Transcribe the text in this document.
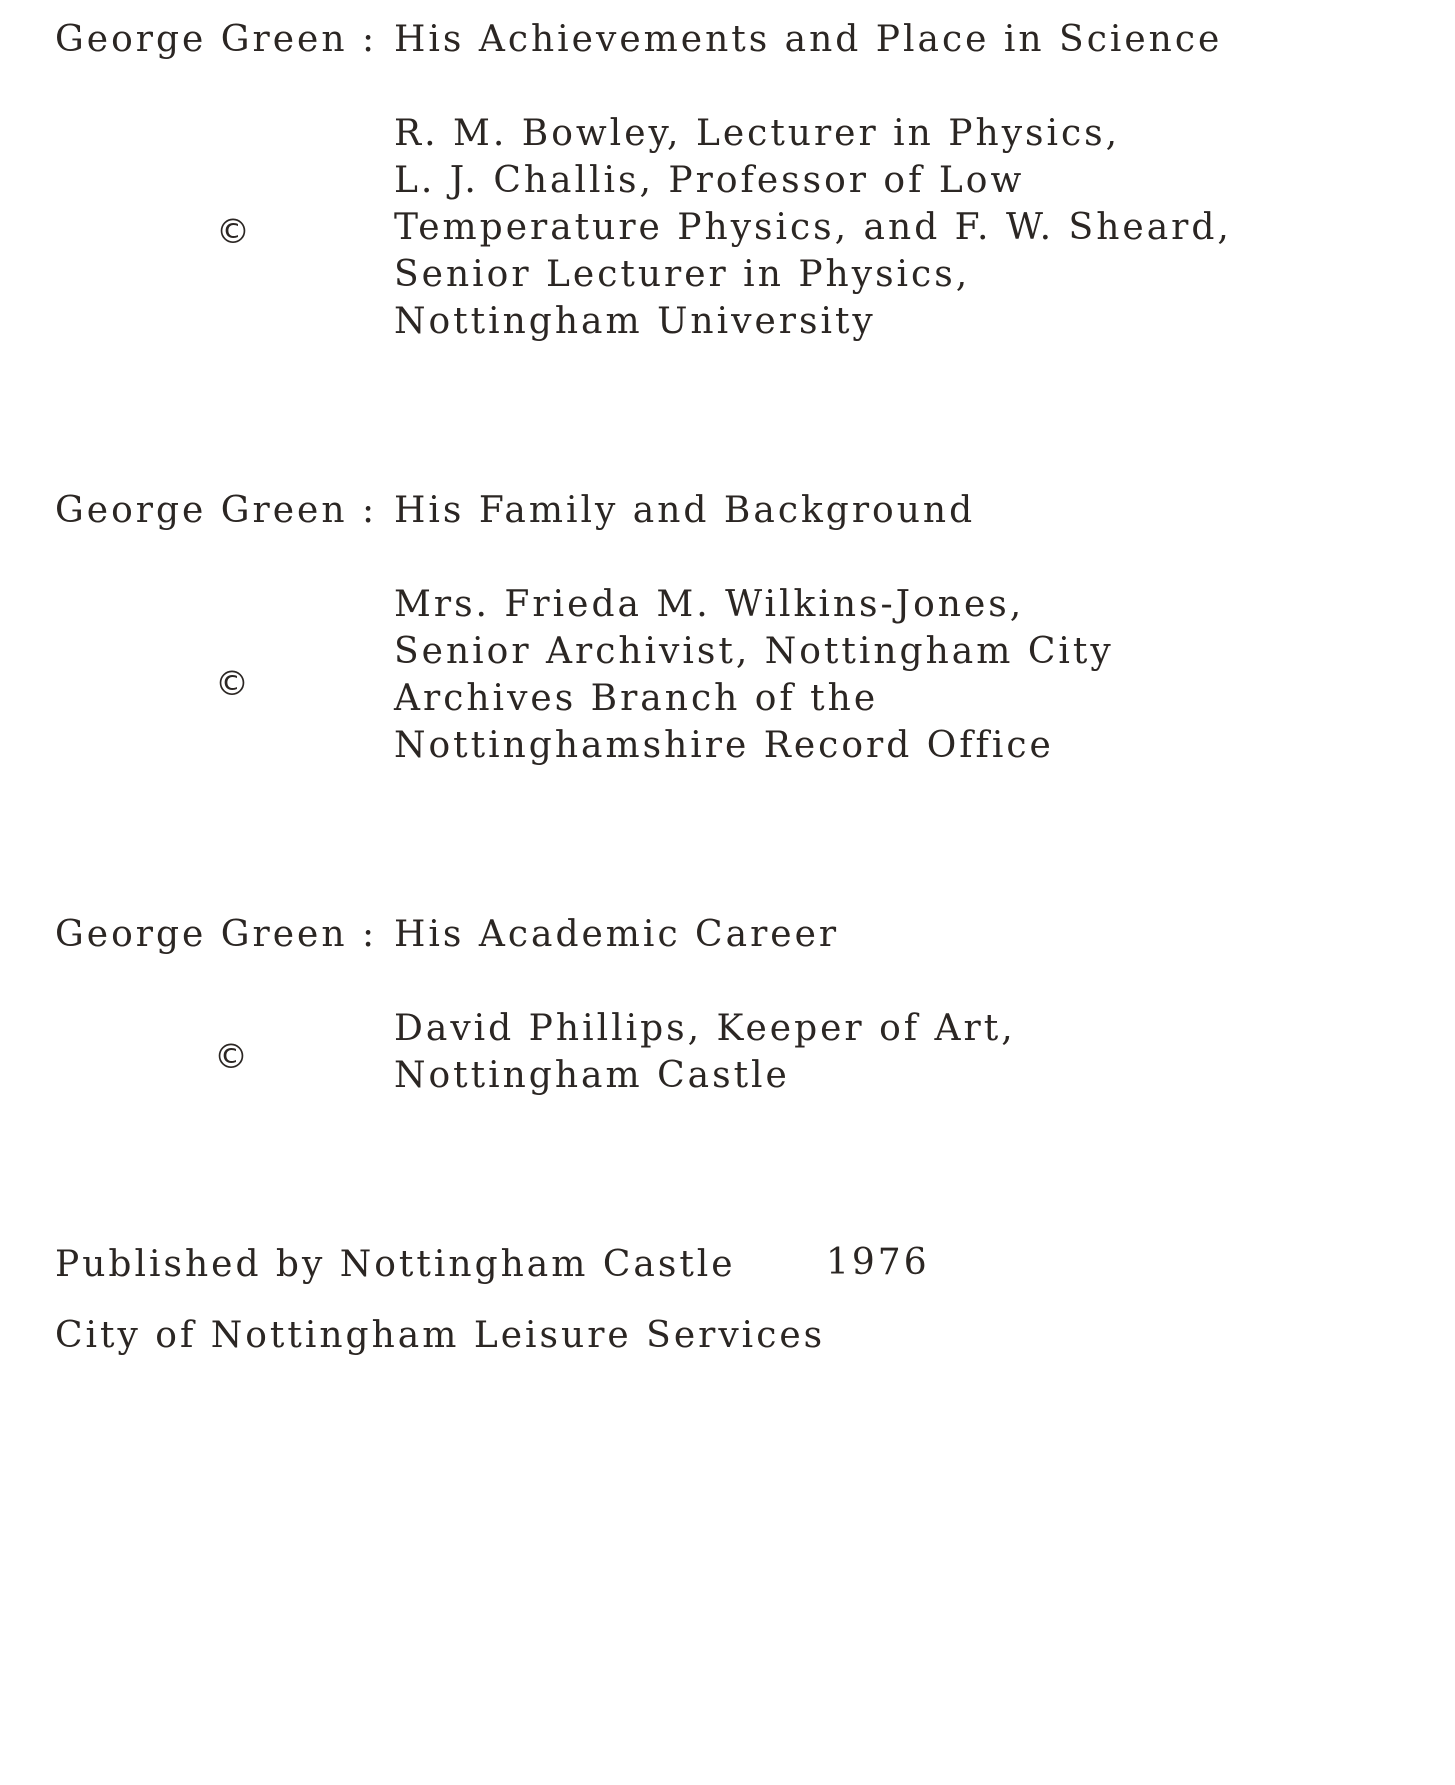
George Green : His Achievements and Place in Science
©
R. M. Bowley, Lecturer in Physics,
L. J. Challis, Professor of Low
Temperature Physics, and F. W. Sheard,
Senior Lecturer in Physics,
Nottingham University
George Green : His Family and Background
©
Mrs. Frieda M. Wilkins-Jones,
Senior Archivist, Nottingham City
Archives Branch of the
Nottinghamshire Record Office
George Green : His Academic Career
©
David Phillips, Keeper of Art,
Nottingham Castle
Published by Nottingham Castle	1976
City of Nottingham Leisure Services
